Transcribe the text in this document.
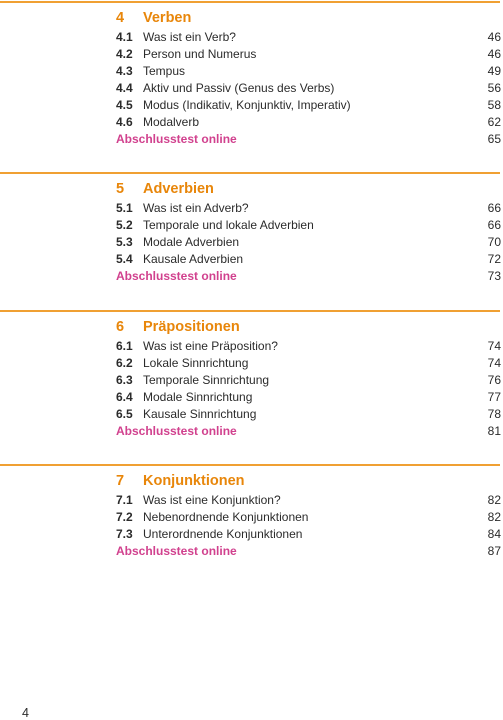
4 Verben
4.1 Was ist ein Verb?	46
4.2 Person und Numerus	46
4.3 Tempus	49
4.4 Aktiv und Passiv (Genus des Verbs)	56
4.5 Modus (Indikativ, Konjunktiv, Imperativ)	58
4.6 Modalverb	62
Abschlusstest online	65
5 Adverbien
5.1 Was ist ein Adverb?	66
5.2 Temporale und lokale Adverbien	66
5.3 Modale Adverbien	70
5.4 Kausale Adverbien	72
Abschlusstest online	73
6 Präpositionen
6.1 Was ist eine Präposition?	74
6.2 Lokale Sinnrichtung	74
6.3 Temporale Sinnrichtung	76
6.4 Modale Sinnrichtung	77
6.5 Kausale Sinnrichtung	78
Abschlusstest online	81
7 Konjunktionen
7.1 Was ist eine Konjunktion?	82
7.2 Nebenordnende Konjunktionen	82
7.3 Unterordnende Konjunktionen	84
Abschlusstest online	87
4
